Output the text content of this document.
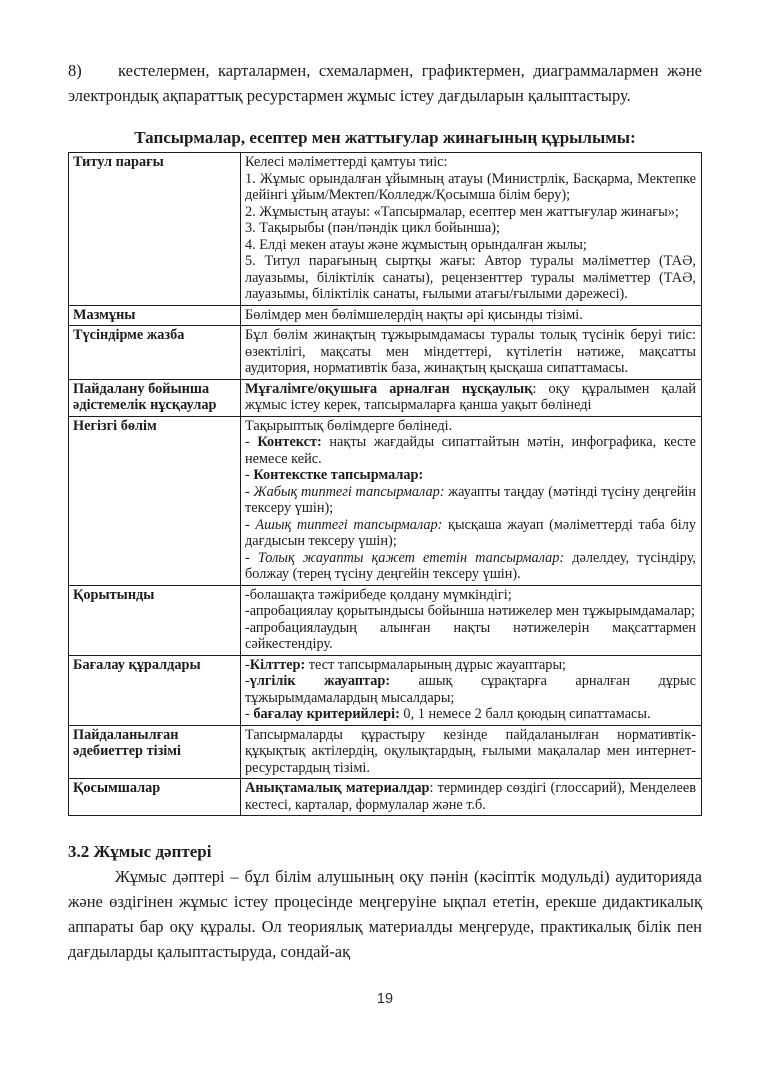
8) кестелермен, карталармен, схемалармен, графиктермен, диаграммалармен және электрондық ақпараттық ресурстармен жұмыс істеу дағдыларын қалыптастыру.

Тапсырмалар, есептер мен жаттығулар жинағының құрылымы:
Титул парағы	Келесі мәліметтерді қамтуы тиіс:
1. Жұмыс орындалған ұйымның атауы (Министрлік, Басқарма, Мектепке дейінгі ұйым/Мектеп/Колледж/Қосымша білім беру);
2. Жұмыстың атауы: «Тапсырмалар, есептер мен жаттығулар жинағы»;
3. Тақырыбы (пән/пәндік цикл бойынша);
4. Елді мекен атауы және жұмыстың орындалған жылы;
5. Титул парағының сыртқы жағы: Автор туралы мәліметтер (ТАӘ, лауазымы, біліктілік санаты), рецензенттер туралы мәліметтер (ТАӘ, лауазымы, біліктілік санаты, ғылыми атағы/ғылыми дәрежесі).

Мазмұны	Бөлімдер мен бөлімшелердің нақты әрі қисынды тізімі.

Түсіндірме жазба	Бұл бөлім жинақтың тұжырымдамасы туралы толық түсінік беруі тиіс: өзектілігі, мақсаты мен міндеттері, күтілетін нәтиже, мақсатты аудитория, нормативтік база, жинақтың қысқаша сипаттамасы.

Пайдалану бойынша әдістемелік нұсқаулар	Мұғалімге/оқушыға арналған нұсқаулық: оқу құралымен қалай жұмыс істеу керек, тапсырмаларға қанша уақыт бөлінеді

Негізгі бөлім	Тақырыптық бөлімдерге бөлінеді.
- Контекст: нақты жағдайды сипаттайтын мәтін, инфографика, кесте немесе кейс.
- Контекстке тапсырмалар:
- Жабық типтегі тапсырмалар: жауапты таңдау (мәтінді түсіну деңгейін тексеру үшін);
- Ашық типтегі тапсырмалар: қысқаша жауап (мәліметтерді таба білу дағдысын тексеру үшін);
- Толық жауапты қажет ететін тапсырмалар: дәлелдеу, түсіндіру, болжау (терең түсіну деңгейін тексеру үшін).

Қорытынды	-болашақта тәжірибеде қолдану мүмкіндігі;
-апробациялау қорытындысы бойынша нәтижелер мен тұжырымдамалар;
-апробациялаудың алынған нақты нәтижелерін мақсаттармен сәйкестендіру.

Бағалау құралдары	-Кілттер: тест тапсырмаларының дұрыс жауаптары;
-үлгілік жауаптар: ашық сұрақтарға арналған дұрыс тұжырымдамалардың мысалдары;
- бағалау критерийлері: 0, 1 немесе 2 балл қоюдың сипаттамасы.

Пайдаланылған әдебиеттер тізімі	Тапсырмаларды құрастыру кезінде пайдаланылған нормативтік-құқықтық актілердің, оқулықтардың, ғылыми мақалалар мен интернет-ресурстардың тізімі.

Қосымшалар	Анықтамалық материалдар: терминдер сөздігі (глоссарий), Менделеев кестесі, карталар, формулалар және т.б.
3.2 Жұмыс дәптері

Жұмыс дәптері – бұл білім алушының оқу пәнін (кәсіптік модульді) аудиторияда және өздігінен жұмыс істеу процесінде меңгеруіне ықпал ететін, ерекше дидактикалық аппараты бар оқу құралы. Ол теориялық материалды меңгеруде, практикалық білік пен дағдыларды қалыптастыруда, сондай-ақ

19
